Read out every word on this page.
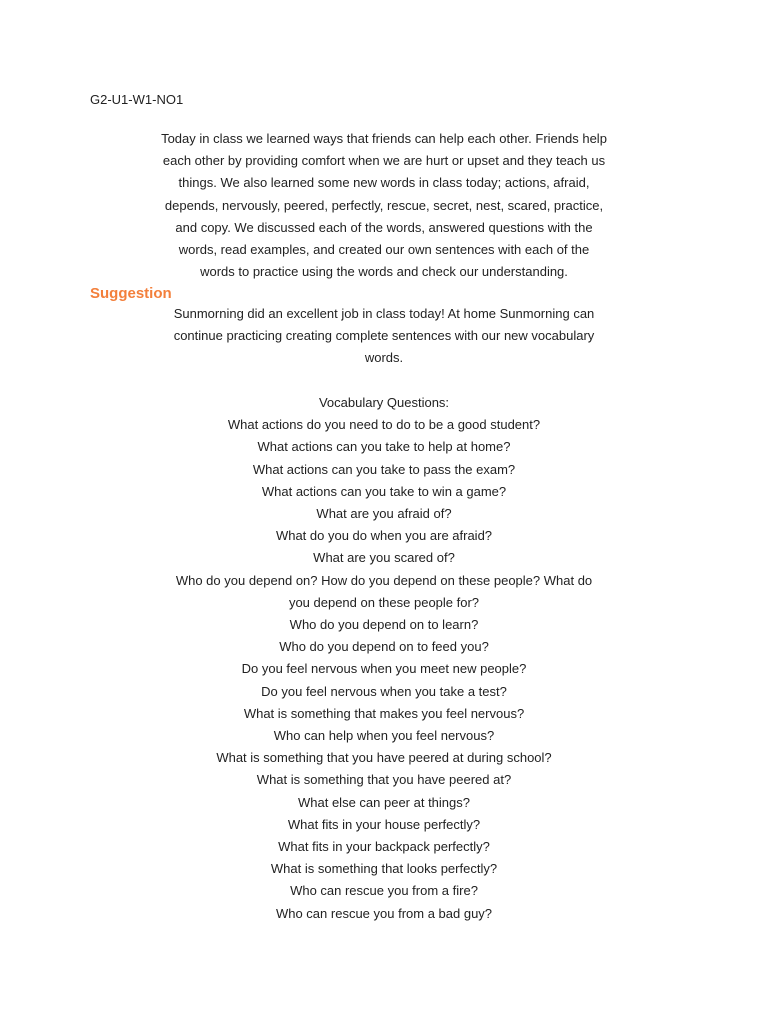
G2-U1-W1-NO1

Today in class we learned ways that friends can help each other. Friends help each other by providing comfort when we are hurt or upset and they teach us things. We also learned some new words in class today; actions, afraid, depends, nervously, peered, perfectly, rescue, secret, nest, scared, practice, and copy. We discussed each of the words, answered questions with the words, read examples, and created our own sentences with each of the words to practice using the words and check our understanding.

Suggestion

Sunmorning did an excellent job in class today! At home Sunmorning can continue practicing creating complete sentences with our new vocabulary words.

Vocabulary Questions:
What actions do you need to do to be a good student?
What actions can you take to help at home?
What actions can you take to pass the exam?
What actions can you take to win a game?
What are you afraid of?
What do you do when you are afraid?
What are you scared of?
Who do you depend on? How do you depend on these people? What do
you depend on these people for?
Who do you depend on to learn?
Who do you depend on to feed you?
Do you feel nervous when you meet new people?
Do you feel nervous when you take a test?
What is something that makes you feel nervous?
Who can help when you feel nervous?
What is something that you have peered at during school?
What is something that you have peered at?
What else can peer at things?
What fits in your house perfectly?
What fits in your backpack perfectly?
What is something that looks perfectly?
Who can rescue you from a fire?
Who can rescue you from a bad guy?
